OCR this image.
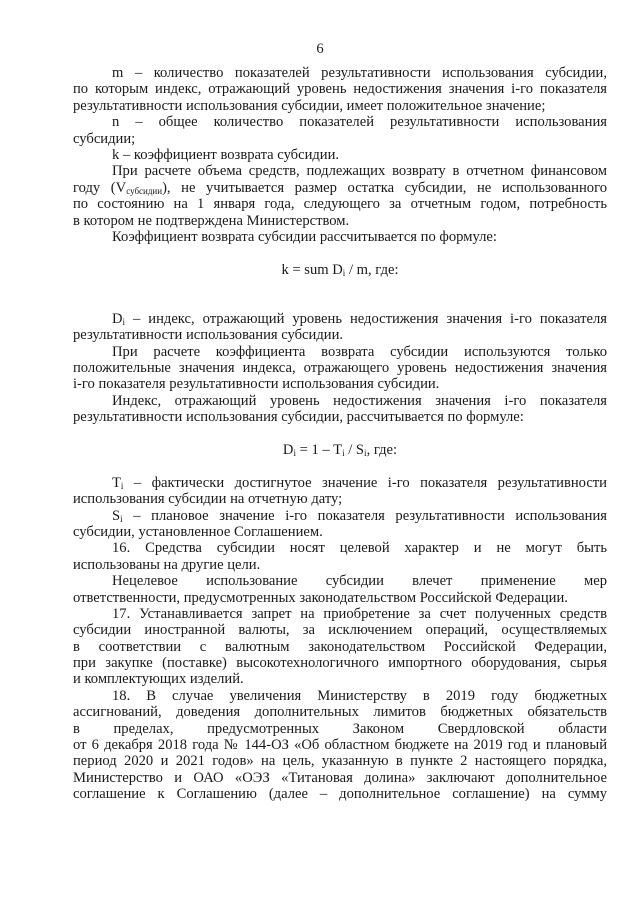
6
m – количество показателей результативности использования субсидии,
по которым индекс, отражающий уровень недостижения значения i-го показателя
результативности использования субсидии, имеет положительное значение;
n – общее количество показателей результативности использования
субсидии;
k – коэффициент возврата субсидии.
При расчете объема средств, подлежащих возврату в отчетном финансовом
году $(V_{субсидии})$, не учитывается размер остатка субсидии, не использованного
по состоянию на 1 января года, следующего за отчетным годом, потребность
в котором не подтверждена Министерством.
Коэффициент возврата субсидии рассчитывается по формуле:
k = sum $D_i$ / m, где:
$D_i$ – индекс, отражающий уровень недостижения значения i-го показателя
результативности использования субсидии.
При расчете коэффициента возврата субсидии используются только
положительные значения индекса, отражающего уровень недостижения значения
i-го показателя результативности использования субсидии.
Индекс, отражающий уровень недостижения значения i-го показателя
результативности использования субсидии, рассчитывается по формуле:
$D_i = 1 - T_i / S_i$, где:
$T_i$ – фактически достигнутое значение i-го показателя результативности
использования субсидии на отчетную дату;
$S_i$ – плановое значение i-го показателя результативности использования
субсидии, установленное Соглашением.
16. Средства субсидии носят целевой характер и не могут быть
использованы на другие цели.
Нецелевое использование субсидии влечет применение мер
ответственности, предусмотренных законодательством Российской Федерации.
17. Устанавливается запрет на приобретение за счет полученных средств
субсидии иностранной валюты, за исключением операций, осуществляемых
в соответствии с валютным законодательством Российской Федерации,
при закупке (поставке) высокотехнологичного импортного оборудования, сырья
и комплектующих изделий.
18. В случае увеличения Министерству в 2019 году бюджетных
ассигнований, доведения дополнительных лимитов бюджетных обязательств
в пределах, предусмотренных Законом Свердловской области
от 6 декабря 2018 года № 144-ОЗ «Об областном бюджете на 2019 год и плановый
период 2020 и 2021 годов» на цель, указанную в пункте 2 настоящего порядка,
Министерство и ОАО «ОЭЗ «Титановая долина» заключают дополнительное
соглашение к Соглашению (далее – дополнительное соглашение) на сумму
